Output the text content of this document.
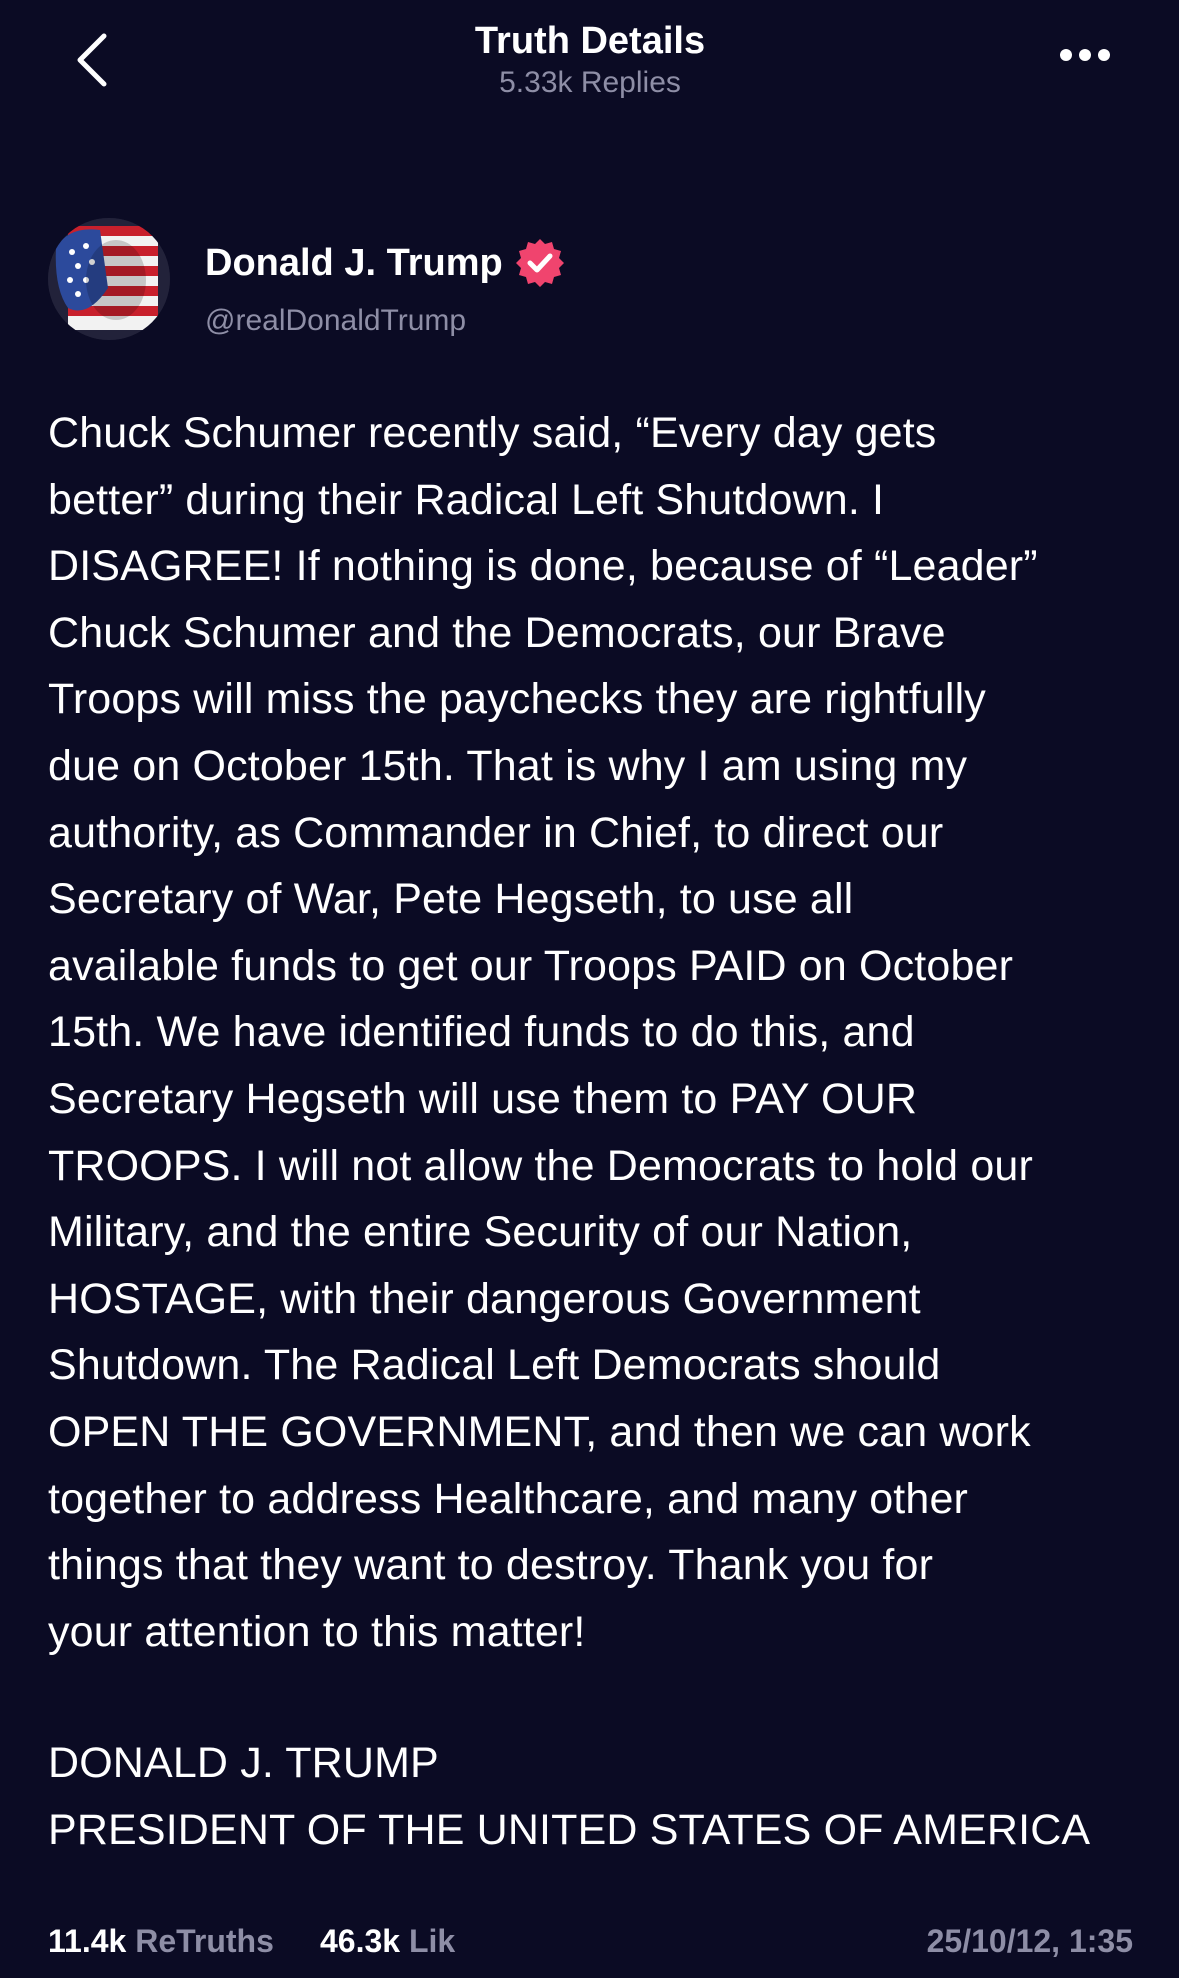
Truth Details
5.33k Replies
Donald J. Trump
@realDonaldTrump
Chuck Schumer recently said, “Every day gets
better” during their Radical Left Shutdown. I
DISAGREE! If nothing is done, because of “Leader”
Chuck Schumer and the Democrats, our Brave
Troops will miss the paychecks they are rightfully
due on October 15th. That is why I am using my
authority, as Commander in Chief, to direct our
Secretary of War, Pete Hegseth, to use all
available funds to get our Troops PAID on October
15th. We have identified funds to do this, and
Secretary Hegseth will use them to PAY OUR
TROOPS. I will not allow the Democrats to hold our
Military, and the entire Security of our Nation,
HOSTAGE, with their dangerous Government
Shutdown. The Radical Left Democrats should
OPEN THE GOVERNMENT, and then we can work
together to address Healthcare, and many other
things that they want to destroy. Thank you for
your attention to this matter!
DONALD J. TRUMP
PRESIDENT OF THE UNITED STATES OF AMERICA
11.4k ReTruths 46.3k Lik	25/10/12, 1:35
